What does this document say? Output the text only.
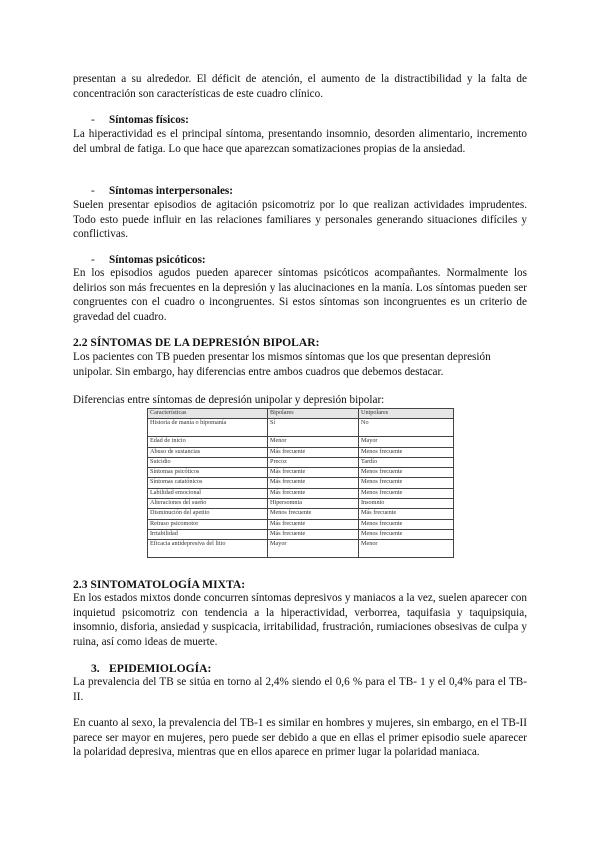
presentan a su alrededor. El déficit de atención, el aumento de la distractibilidad y la falta de concentración son características de este cuadro clínico.

- Síntomas físicos:

La hiperactividad es el principal síntoma, presentando insomnio, desorden alimentario, incremento del umbral de fatiga. Lo que hace que aparezcan somatizaciones propias de la ansiedad.

- Síntomas interpersonales:

Suelen presentar episodios de agitación psicomotriz por lo que realizan actividades imprudentes. Todo esto puede influir en las relaciones familiares y personales generando situaciones difíciles y conflictivas.

- Síntomas psicóticos:

En los episodios agudos pueden aparecer síntomas psicóticos acompañantes. Normalmente los delirios son más frecuentes en la depresión y las alucinaciones en la manía. Los síntomas pueden ser congruentes con el cuadro o incongruentes. Si estos síntomas son incongruentes es un criterio de gravedad del cuadro.

2.2 SÍNTOMAS DE LA DEPRESIÓN BIPOLAR:

Los pacientes con TB pueden presentar los mismos síntomas que los que presentan depresión unipolar. Sin embargo, hay diferencias entre ambos cuadros que debemos destacar.

Diferencias entre síntomas de depresión unipolar y depresión bipolar:

Características	Bipolares	Unipolares
Historia de manía o hipomanía	Sí	No
Edad de inicio	Menor	Mayor
Abuso de sustancias	Más frecuente	Menos frecuente
Suicidio	Precoz	Tardío
Síntomas psicóticos	Más frecuente	Menos frecuente
Síntomas catatónicos	Más frecuente	Menos frecuente
Labilidad emocional	Más frecuente	Menos frecuente
Alteraciones del sueño	Hipersomnia	Insomnio
Disminución del apetito	Menos frecuente	Más frecuente
Retraso psicomotor	Más frecuente	Menos frecuente
Irrtabilidad	Más frecuente	Menos frecuente
Eficacia antidepresiva del litio	Mayor	Menor

2.3 SINTOMATOLOGÍA MIXTA:

En los estados mixtos donde concurren síntomas depresivos y maniacos a la vez, suelen aparecer con inquietud psicomotriz con tendencia a la hiperactividad, verborrea, taquifasia y taquipsiquia, insomnio, disforia, ansiedad y suspicacia, irritabilidad, frustración, rumiaciones obsesivas de culpa y ruina, así como ideas de muerte.

3. EPIDEMIOLOGÍA:

La prevalencia del TB se sitúa en torno al 2,4% siendo el 0,6 % para el TB- 1 y el 0,4% para el TB-II.

En cuanto al sexo, la prevalencia del TB-1 es similar en hombres y mujeres, sin embargo, en el TB-II parece ser mayor en mujeres, pero puede ser debido a que en ellas el primer episodio suele aparecer la polaridad depresiva, mientras que en ellos aparece en primer lugar la polaridad maniaca.
